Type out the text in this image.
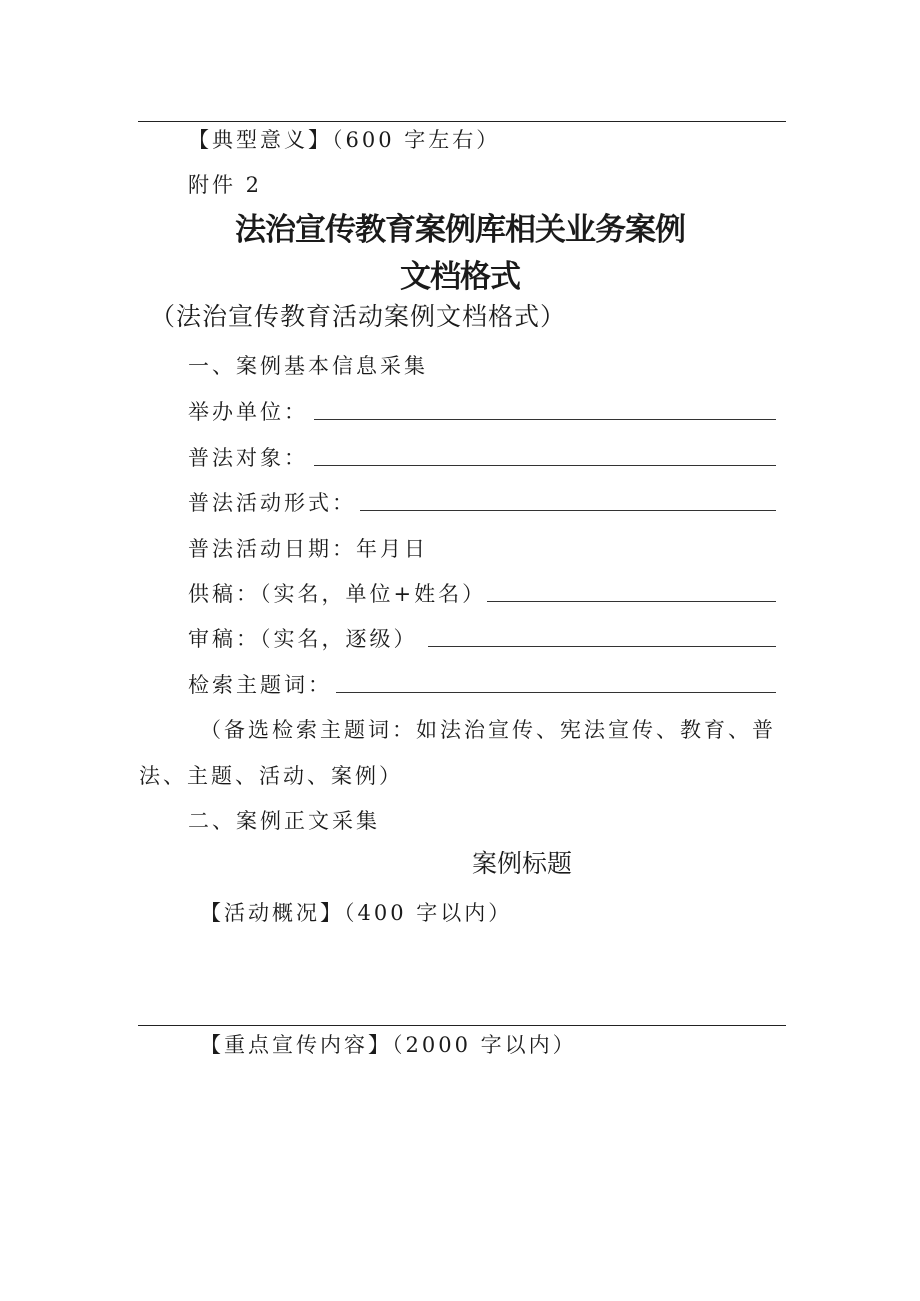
【典型意义】（600 字左右）
附件 2
法治宣传教育案例库相关业务案例
文档格式
（法治宣传教育活动案例文档格式）
一、案例基本信息采集
举办单位：
普法对象：
普法活动形式：
普法活动日期：年月日
供稿：（实名，单位+姓名）
审稿：（实名，逐级）
检索主题词：
（备选检索主题词：如法治宣传、宪法宣传、教育、普
法、主题、活动、案例）
二、案例正文采集
案例标题
【活动概况】（400 字以内）
【重点宣传内容】（2000 字以内）
